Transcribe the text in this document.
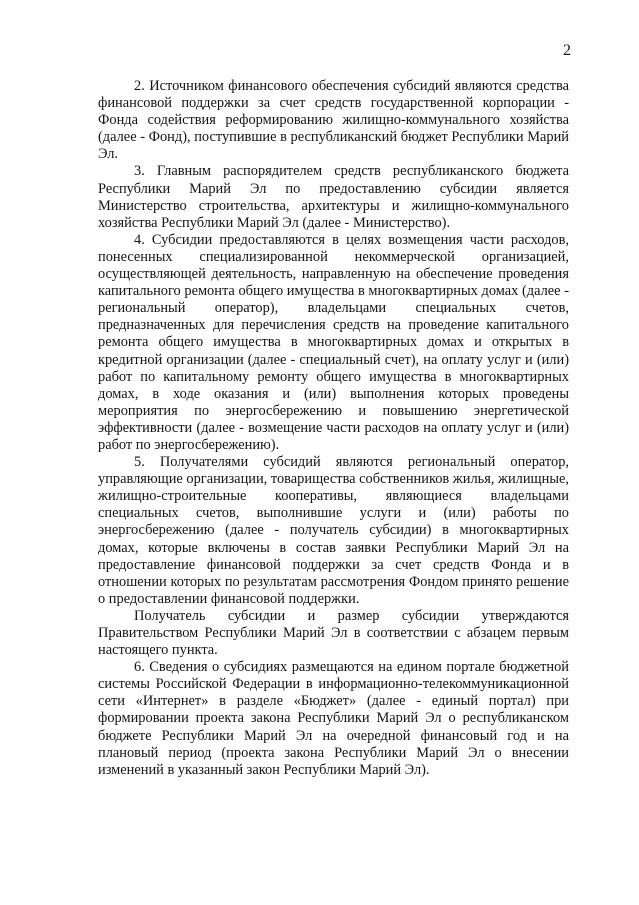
2

2. Источником финансового обеспечения субсидий являются средства финансовой поддержки за счет средств государственной корпорации - Фонда содействия реформированию жилищно-коммунального хозяйства (далее - Фонд), поступившие в республиканский бюджет Республики Марий Эл.

3. Главным распорядителем средств республиканского бюджета Республики Марий Эл по предоставлению субсидии является Министерство строительства, архитектуры и жилищно-коммунального хозяйства Республики Марий Эл (далее - Министерство).

4. Субсидии предоставляются в целях возмещения части расходов, понесенных специализированной некоммерческой организацией, осуществляющей деятельность, направленную на обеспечение проведения капитального ремонта общего имущества в многоквартирных домах (далее - региональный оператор), владельцами специальных счетов, предназначенных для перечисления средств на проведение капитального ремонта общего имущества в многоквартирных домах и открытых в кредитной организации (далее - специальный счет), на оплату услуг и (или) работ по капитальному ремонту общего имущества в многоквартирных домах, в ходе оказания и (или) выполнения которых проведены мероприятия по энергосбережению и повышению энергетической эффективности (далее - возмещение части расходов на оплату услуг и (или) работ по энергосбережению).

5. Получателями субсидий являются региональный оператор, управляющие организации, товарищества собственников жилья, жилищные, жилищно-строительные кооперативы, являющиеся владельцами специальных счетов, выполнившие услуги и (или) работы по энергосбережению (далее - получатель субсидии) в многоквартирных домах, которые включены в состав заявки Республики Марий Эл на предоставление финансовой поддержки за счет средств Фонда и в отношении которых по результатам рассмотрения Фондом принято решение о предоставлении финансовой поддержки.

Получатель субсидии и размер субсидии утверждаются Правительством Республики Марий Эл в соответствии с абзацем первым настоящего пункта.

6. Сведения о субсидиях размещаются на едином портале бюджетной системы Российской Федерации в информационно-телекоммуникационной сети «Интернет» в разделе «Бюджет» (далее - единый портал) при формировании проекта закона Республики Марий Эл о республиканском бюджете Республики Марий Эл на очередной финансовый год и на плановый период (проекта закона Республики Марий Эл о внесении изменений в указанный закон Республики Марий Эл).
